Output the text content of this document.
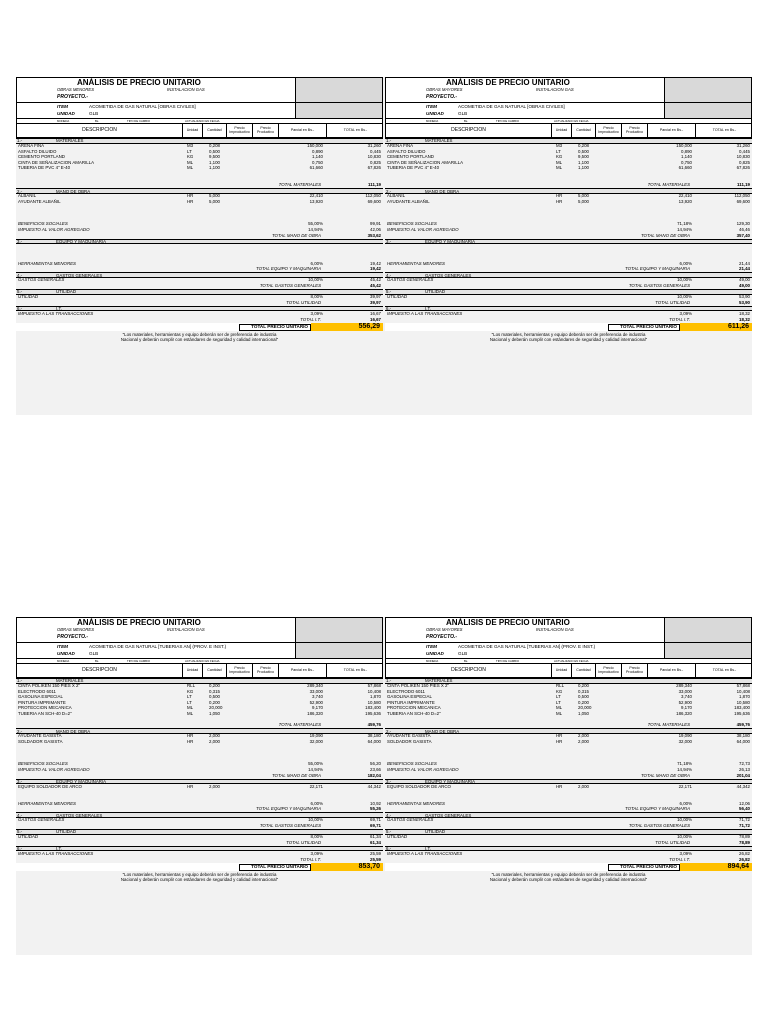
ANÁLISIS DE PRECIO UNITARIO
OBRAS MENORES	INSTALACION GAS
PROYECTO.-
ITEM	ACOMETIDA DE GAS NATURAL [OBRAS CIVILES]
UNIDAD	GLB
MONEDA	Bs.	TIPO DE CAMBIO	ACTUALIZADO EN FECHA
DESCRIPCION	Unidad	Cantidad	Precio Improductivo
Precio Productivo	Parcial en Bs.-	TOTAL en Bs.-
1.-	MATERIALES
ARENA FINA	M3	0,208	150,000	31,260
ASFALTO DILUIDO	LT	0,500	0,890	0,445
CEMENTO PORTLAND	KG	9,500	1,140	10,830
CINTA DE SEÑALIZACION AMARILLA	ML	1,100	0,750	0,825
TUBERIA DE PVC 4" E-40	ML	1,100	61,660	67,826
TOTAL MATERIALES	111,19
2.-	MANO DE OBRA
ALBAÑIL	HR	5,000	22,410	112,050
AYUDANTE ALBAÑIL	HR	5,000	13,920	69,600
BENEFICIOS SOCIALES	55,00%	99,91
IMPUESTO AL VALOR AGREGADO	14,94%	42,06
TOTAL MANO DE OBRA	353,62
3.-	EQUIPO Y MAQUINARIA
HERRAMIENTAS MENORES	6,00%	19,42
TOTAL EQUIPO Y MAQUINARIA	19,42
4.-	GASTOS GENERALES
GASTOS GENERALES	10,00%	45,42
TOTAL GASTOS GENERALES	45,42
5.-	UTILIDAD
UTILIDAD	8,00%	39,97
TOTAL UTILIDAD	39,97
6.-	I.T.
IMPUESTO A LAS TRANSACCIONES	3,09%	16,67
TOTAL I.T.	16,67
TOTAL PRECIO UNITARIO	556,29
"Los materiales, herramientas y equipo deberán ser de preferencia de industria
Nacional y deberán cumplir con estándares de seguridad y calidad internacional"
ANÁLISIS DE PRECIO UNITARIO
OBRAS MAYORES	INSTALACION GAS
PROYECTO.-
ITEM	ACOMETIDA DE GAS NATURAL [OBRAS CIVILES]
UNIDAD	GLB
MONEDA	Bs.	TIPO DE CAMBIO	ACTUALIZADO EN FECHA
DESCRIPCION	Unidad	Cantidad	Precio Improductivo
Precio Productivo	Parcial en Bs.-	TOTAL en Bs.-
1.-	MATERIALES
ARENA FINA	M3	0,208	150,000	31,260
ASFALTO DILUIDO	LT	0,500	0,890	0,445
CEMENTO PORTLAND	KG	9,500	1,140	10,830
CINTA DE SEÑALIZACION AMARILLA	ML	1,100	0,750	0,825
TUBERIA DE PVC 4" E-40	ML	1,100	61,660	67,826
TOTAL MATERIALES	111,19
2.-	MANO DE OBRA
ALBAÑIL	HR	5,000	22,410	112,050
AYUDANTE ALBAÑIL	HR	5,000	13,920	69,600
BENEFICIOS SOCIALES	71,18%	129,30
IMPUESTO AL VALOR AGREGADO	14,94%	46,46
TOTAL MANO DE OBRA	357,40
3.-	EQUIPO Y MAQUINARIA
HERRAMIENTAS MENORES	6,00%	21,44
TOTAL EQUIPO Y MAQUINARIA	21,44
4.-	GASTOS GENERALES
GASTOS GENERALES	10,00%	49,00
TOTAL GASTOS GENERALES	49,00
5.-	UTILIDAD
UTILIDAD	10,00%	53,90
TOTAL UTILIDAD	53,90
6.-	I.T.
IMPUESTO A LAS TRANSACCIONES	3,09%	18,32
TOTAL I.T.	18,32
TOTAL PRECIO UNITARIO	611,26
"Los materiales, herramientas y equipo deberán ser de preferencia de industria
Nacional y deberán cumplir con estándares de seguridad y calidad internacional"
ANÁLISIS DE PRECIO UNITARIO
OBRAS MENORES	INSTALACION GAS
PROYECTO.-
ITEM	ACOMETIDA DE GAS NATURAL [TUBERIAS AN] (PROV. E INST.)
UNIDAD	GLB
MONEDA	Bs.	TIPO DE CAMBIO	ACTUALIZADO EN FECHA
DESCRIPCION	Unidad	Cantidad	Precio Improductivo
Precio Productivo	Parcial en Bs.-	TOTAL en Bs.-
1.-	MATERIALES
CINTA POLIKEN 150 PIES X 2"	RLL	0,200	289,340	57,868
ELECTRODO 6011	KG	0,315	33,000	10,408
GASOLINA ESPECIAL	LT	0,500	3,740	1,870
PINTURA IMPRIMANTE	LT	0,200	52,900	10,580
PROTECCION MECANICA	ML	20,000	9,170	183,400
TUBERIA AN SCH-40 D=2"	ML	1,050	186,320	195,636
TOTAL MATERIALES	459,76
2.-	MANO DE OBRA
AYUDANTE GASISTA	HR	2,000	19,090	38,180
SOLDADOR GASISTA	HR	2,000	32,000	64,000
BENEFICIOS SOCIALES	55,00%	56,20
IMPUESTO AL VALOR AGREGADO	14,94%	23,66
TOTAL MANO DE OBRA	182,04
3.-	EQUIPO Y MAQUINARIA
EQUIPO SOLDADOR DE ARCO	HR	2,000	22,171	44,342
HERRAMIENTAS MENORES	6,00%	10,92
TOTAL EQUIPO Y MAQUINARIA	55,26
4.-	GASTOS GENERALES
GASTOS GENERALES	10,00%	69,71
TOTAL GASTOS GENERALES	69,71
5.-	UTILIDAD
UTILIDAD	8,00%	61,34
TOTAL UTILIDAD	61,34
6.-	I.T.
IMPUESTO A LAS TRANSACCIONES	3,09%	25,59
TOTAL I.T.	25,59
TOTAL PRECIO UNITARIO	853,70
"Los materiales, herramientas y equipo deberán ser de preferencia de industria
Nacional y deberán cumplir con estándares de seguridad y calidad internacional"
ANÁLISIS DE PRECIO UNITARIO
OBRAS MAYORES	INSTALACION GAS
PROYECTO.-
ITEM	ACOMETIDA DE GAS NATURAL [TUBERIAS AN] (PROV. E INST.)
UNIDAD	GLB
MONEDA	Bs.	TIPO DE CAMBIO	ACTUALIZADO EN FECHA
DESCRIPCION	Unidad	Cantidad	Precio Improductivo
Precio Productivo	Parcial en Bs.-	TOTAL en Bs.-
1.-	MATERIALES
CINTA POLIKEN 150 PIES X 2"	RLL	0,200	289,340	57,868
ELECTRODO 6011	KG	0,315	33,000	10,408
GASOLINA ESPECIAL	LT	0,500	3,740	1,870
PINTURA IMPRIMANTE	LT	0,200	52,900	10,580
PROTECCION MECANICA	ML	20,000	9,170	183,400
TUBERIA AN SCH-40 D=2"	ML	1,050	186,320	195,636
TOTAL MATERIALES	459,76
2.-	MANO DE OBRA
AYUDANTE GASISTA	HR	2,000	19,090	38,180
SOLDADOR GASISTA	HR	2,000	32,000	64,000
BENEFICIOS SOCIALES	71,18%	72,73
IMPUESTO AL VALOR AGREGADO	14,94%	26,13
TOTAL MANO DE OBRA	201,04
3.-	EQUIPO Y MAQUINARIA
EQUIPO SOLDADOR DE ARCO	HR	2,000	22,171	44,342
HERRAMIENTAS MENORES	6,00%	12,06
TOTAL EQUIPO Y MAQUINARIA	56,40
4.-	GASTOS GENERALES
GASTOS GENERALES	10,00%	71,72
TOTAL GASTOS GENERALES	71,72
5.-	UTILIDAD
UTILIDAD	10,00%	78,89
TOTAL UTILIDAD	78,89
6.-	I.T.
IMPUESTO A LAS TRANSACCIONES	3,09%	26,82
TOTAL I.T.	26,82
TOTAL PRECIO UNITARIO	894,64
"Los materiales, herramientas y equipo deberán ser de preferencia de industria
Nacional y deberán cumplir con estándares de seguridad y calidad internacional"
